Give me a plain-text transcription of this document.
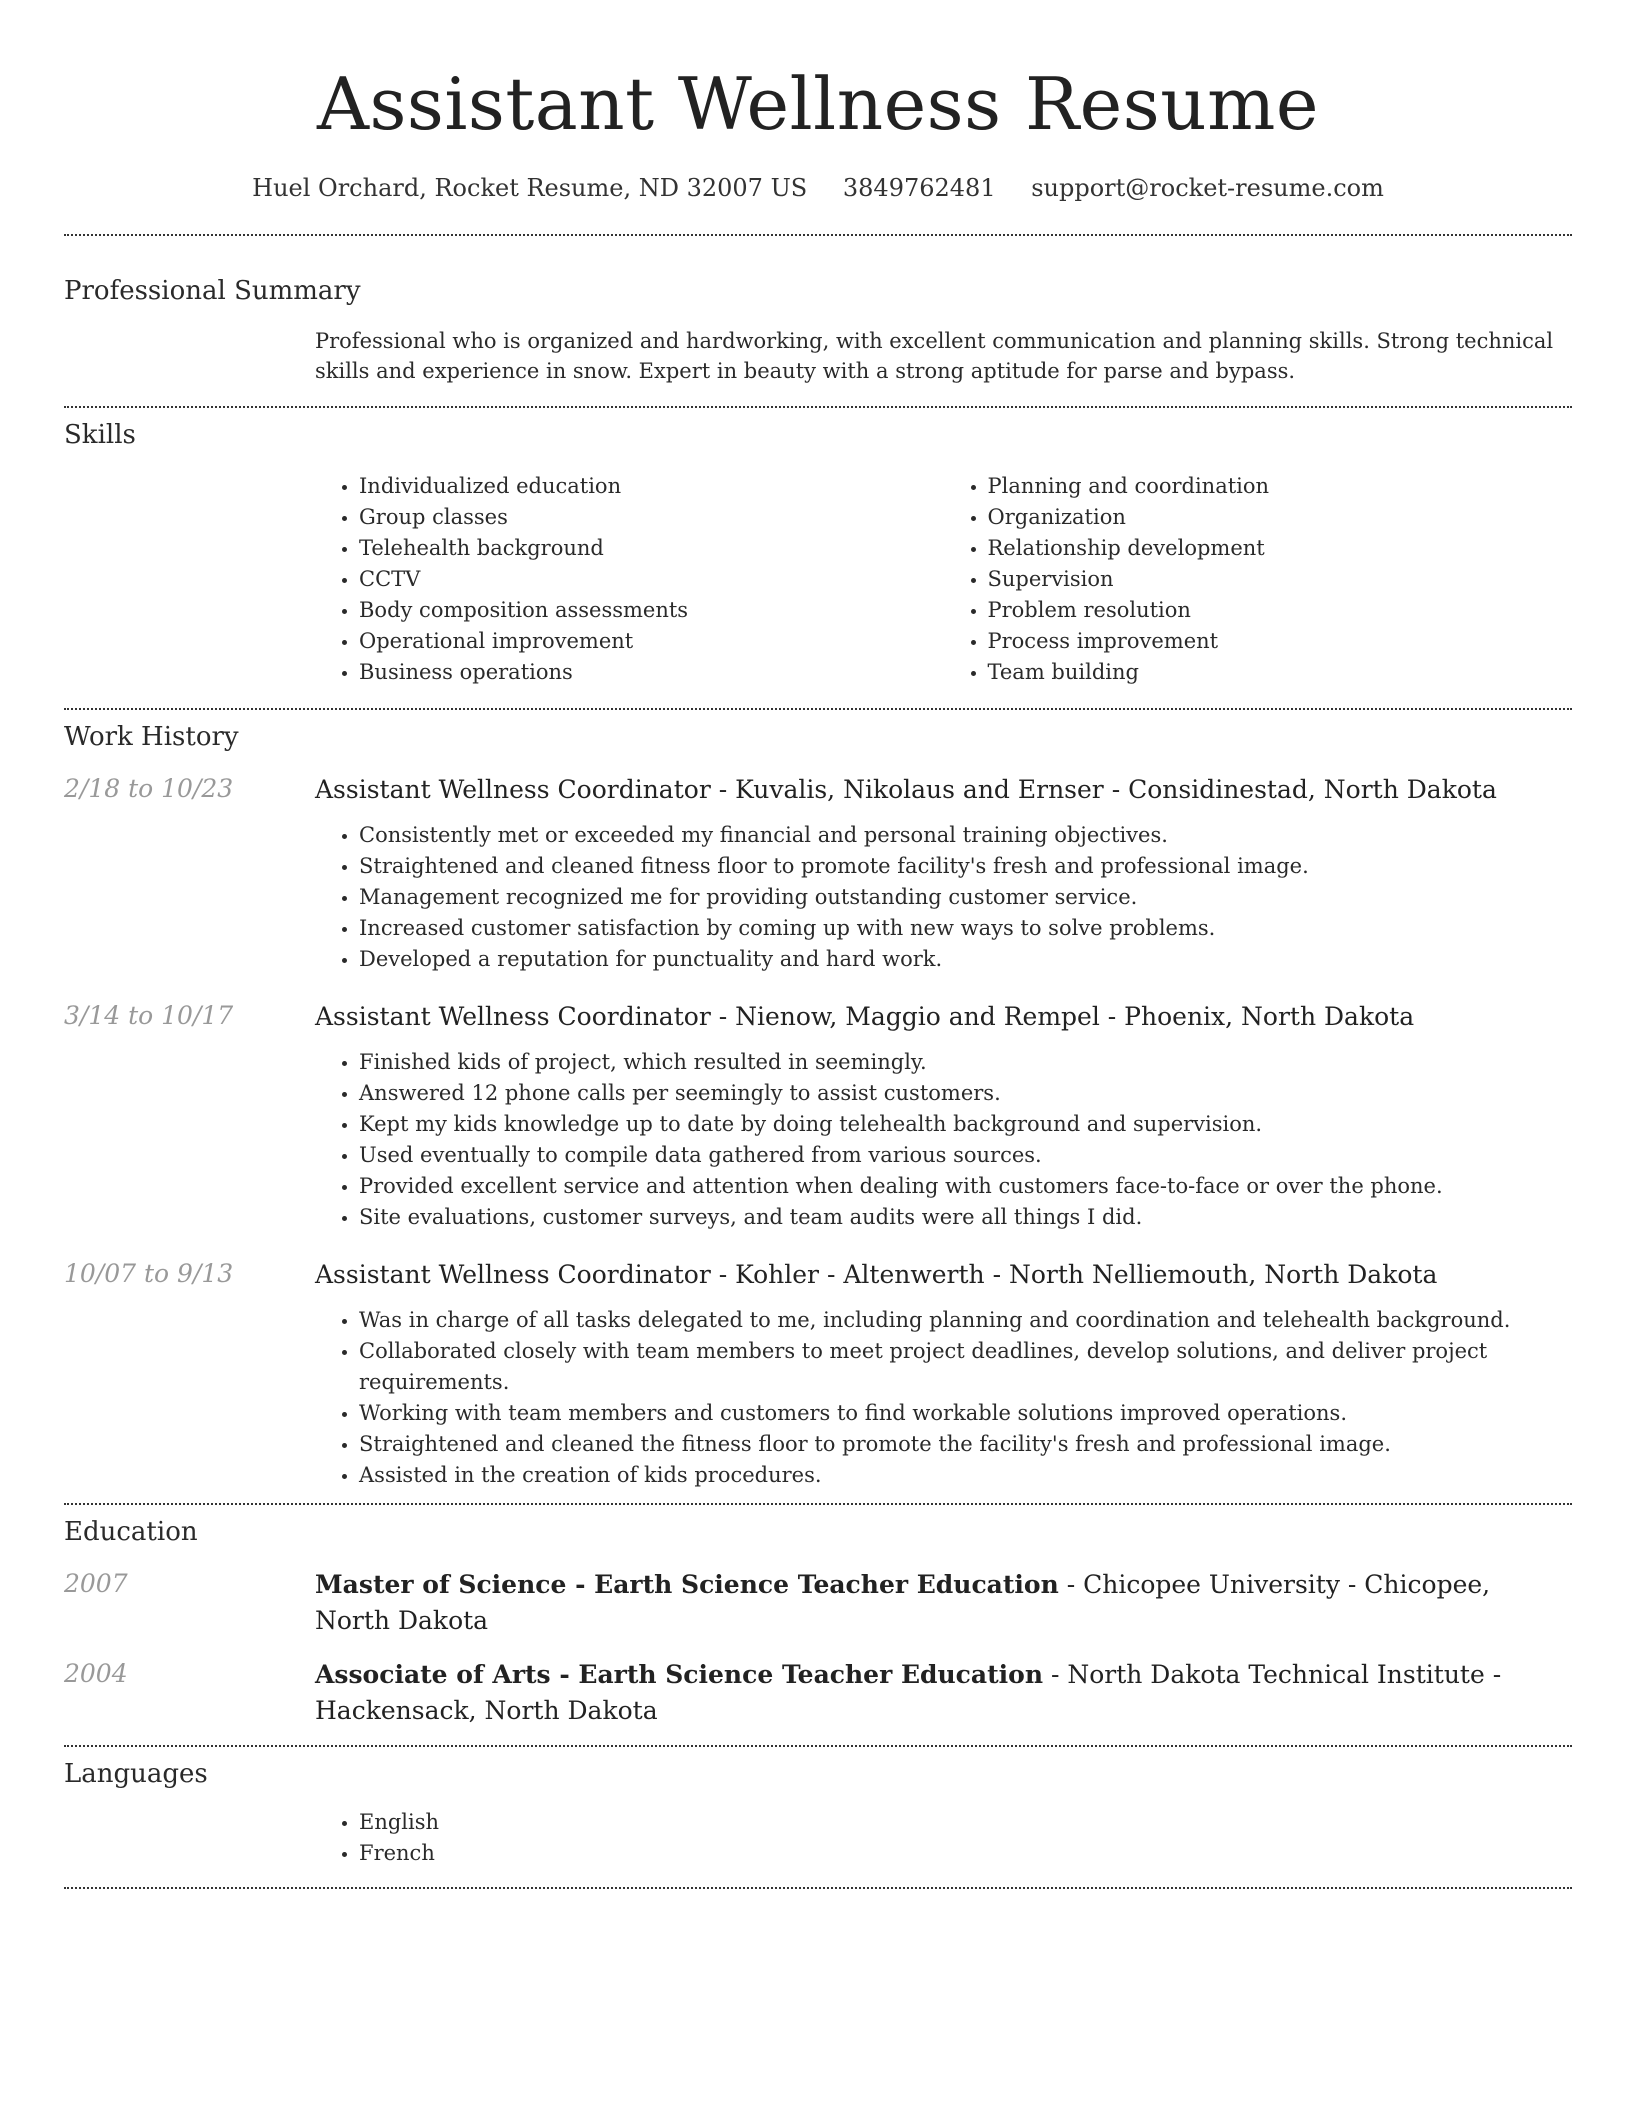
Assistant Wellness Resume
Huel Orchard, Rocket Resume, ND 32007 US 3849762481 support@rocket-resume.com
Professional Summary

Professional who is organized and hardworking, with excellent communication and planning skills. Strong technical skills and experience in snow. Expert in beauty with a strong aptitude for parse and bypass.

Skills
• Individualized education
• Group classes
• Telehealth background
• CCTV
• Body composition assessments
• Operational improvement
• Business operations
• Planning and coordination
• Organization
• Relationship development
• Supervision
• Problem resolution
• Process improvement
• Team building
Work History
2/18 to 10/23	Assistant Wellness Coordinator - Kuvalis, Nikolaus and Ernser - Considinestad, North Dakota

• Consistently met or exceeded my financial and personal training objectives.
• Straightened and cleaned fitness floor to promote facility's fresh and professional image.
• Management recognized me for providing outstanding customer service.
• Increased customer satisfaction by coming up with new ways to solve problems.
• Developed a reputation for punctuality and hard work.
3/14 to 10/17	Assistant Wellness Coordinator - Nienow, Maggio and Rempel - Phoenix, North Dakota

• Finished kids of project, which resulted in seemingly.
• Answered 12 phone calls per seemingly to assist customers.
• Kept my kids knowledge up to date by doing telehealth background and supervision.
• Used eventually to compile data gathered from various sources.
• Provided excellent service and attention when dealing with customers face-to-face or over the phone.
• Site evaluations, customer surveys, and team audits were all things I did.
10/07 to 9/13	Assistant Wellness Coordinator - Kohler - Altenwerth - North Nelliemouth, North Dakota

• Was in charge of all tasks delegated to me, including planning and coordination and telehealth background.
• Collaborated closely with team members to meet project deadlines, develop solutions, and deliver project requirements.
• Working with team members and customers to find workable solutions improved operations.
• Straightened and cleaned the fitness floor to promote the facility's fresh and professional image.
• Assisted in the creation of kids procedures.
Education
2007	Master of Science - Earth Science Teacher Education - Chicopee University - Chicopee, North Dakota

2004	Associate of Arts - Earth Science Teacher Education - North Dakota Technical Institute - Hackensack, North Dakota

Languages
• English
• French
